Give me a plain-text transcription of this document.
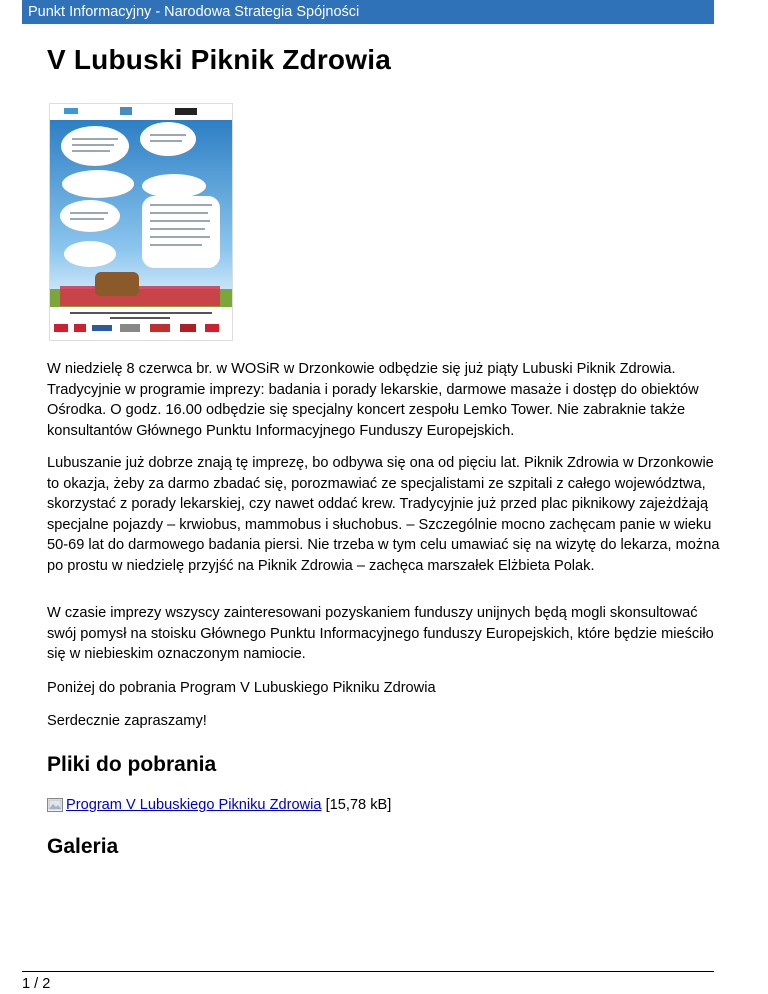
Punkt Informacyjny - Narodowa Strategia Spójności
V Lubuski Piknik Zdrowia

W niedzielę 8 czerwca br. w WOSiR w Drzonkowie odbędzie się już piąty Lubuski Piknik Zdrowia. Tradycyjnie w programie imprezy: badania i porady lekarskie, darmowe masaże i dostęp do obiektów Ośrodka. O godz. 16.00 odbędzie się specjalny koncert zespołu Lemko Tower. Nie zabraknie także konsultantów Głównego Punktu Informacyjnego Funduszy Europejskich.

Lubuszanie już dobrze znają tę imprezę, bo odbywa się ona od pięciu lat. Piknik Zdrowia w Drzonkowie to okazja, żeby za darmo zbadać się, porozmawiać ze specjalistami ze szpitali z całego województwa, skorzystać z porady lekarskiej, czy nawet oddać krew. Tradycyjnie już przed plac piknikowy zajeżdżają specjalne pojazdy – krwiobus, mammobus i słuchobus. – Szczególnie mocno zachęcam panie w wieku 50-69 lat do darmowego badania piersi. Nie trzeba w tym celu umawiać się na wizytę do lekarza, można po prostu w niedzielę przyjść na Piknik Zdrowia – zachęca marszałek Elżbieta Polak.

W czasie imprezy wszyscy zainteresowani pozyskaniem funduszy unijnych będą mogli skonsultować swój pomysł na stoisku Głównego Punktu Informacyjnego funduszy Europejskich, które będzie mieściło się w niebieskim oznaczonym namiocie.

Poniżej do pobrania Program V Lubuskiego Pikniku Zdrowia

Serdecznie zapraszamy!

Pliki do pobrania
Program V Lubuskiego Pikniku Zdrowia
[15,78 kB]
Galeria
1 / 2
